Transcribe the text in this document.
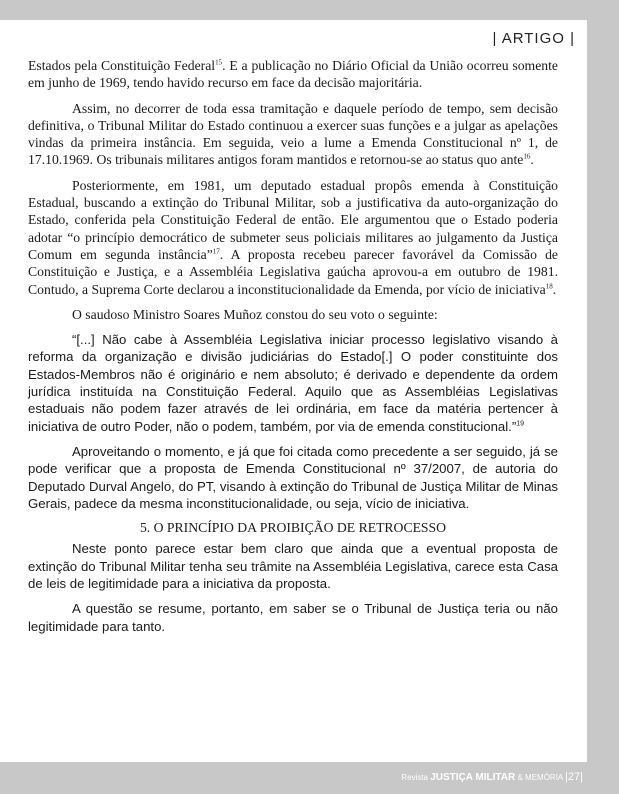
| ARTIGO |

Estados pela Constituição Federal$^{15}$. E a publicação no Diário Oficial da União ocorreu somente em junho de 1969, tendo havido recurso em face da decisão majoritária.

Assim, no decorrer de toda essa tramitação e daquele período de tempo, sem decisão definitiva, o Tribunal Militar do Estado continuou a exercer suas funções e a julgar as apelações vindas da primeira instância. Em seguida, veio a lume a Emenda Constitucional nº 1, de 17.10.1969. Os tribunais militares antigos foram mantidos e retornou-se ao status quo ante$^{16}$.

Posteriormente, em 1981, um deputado estadual propôs emenda à Constituição Estadual, buscando a extinção do Tribunal Militar, sob a justificativa da auto-organização do Estado, conferida pela Constituição Federal de então. Ele argumentou que o Estado poderia adotar “o princípio democrático de submeter seus policiais militares ao julgamento da Justiça Comum em segunda instância”$^{17}$. A proposta recebeu parecer favorável da Comissão de Constituição e Justiça, e a Assembléia Legislativa gaúcha aprovou-a em outubro de 1981. Contudo, a Suprema Corte declarou a inconstitucionalidade da Emenda, por vício de iniciativa$^{18}$.

O saudoso Ministro Soares Muñoz constou do seu voto o seguinte:

“[...] Não cabe à Assembléia Legislativa iniciar processo legislativo visando à reforma da organização e divisão judiciárias do Estado[.] O poder constituinte dos Estados-Membros não é originário e nem absoluto; é derivado e dependente da ordem jurídica instituída na Constituição Federal. Aquilo que as Assembléias Legislativas estaduais não podem fazer através de lei ordinária, em face da matéria pertencer à iniciativa de outro Poder, não o podem, também, por via de emenda constitucional.”$^{19}$

Aproveitando o momento, e já que foi citada como precedente a ser seguido, já se pode verificar que a proposta de Emenda Constitucional nº 37/2007, de autoria do Deputado Durval Angelo, do PT, visando à extinção do Tribunal de Justiça Militar de Minas Gerais, padece da mesma inconstitucionalidade, ou seja, vício de iniciativa.

5. O PRINCÍPIO DA PROIBIÇÃO DE RETROCESSO

Neste ponto parece estar bem claro que ainda que a eventual proposta de extinção do Tribunal Militar tenha seu trâmite na Assembléia Legislativa, carece esta Casa de leis de legitimidade para a iniciativa da proposta.

A questão se resume, portanto, em saber se o Tribunal de Justiça teria ou não legitimidade para tanto.

Revista JUSTIÇA MILITAR & MEMÓRIA |27|
